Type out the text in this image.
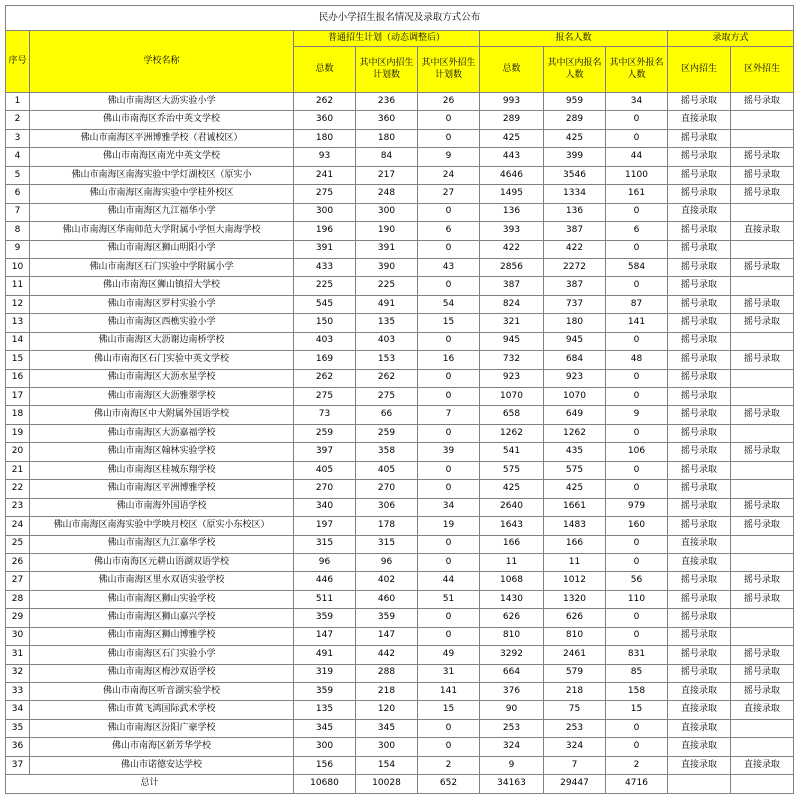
民办小学招生报名情况及录取方式公布									
序号	学校名称	普通招生计划（动态调整后）			报名人数			录取方式	
		总数	其中区内招生计划数	其中区外招生计划数	总数	其中区内报名人数	其中区外报名人数	区内招生	区外招生
1	佛山市南海区大沥实验小学	262	236	26	993	959	34	摇号录取	摇号录取
2	佛山市南海区乔治中英文学校	360	360	0	289	289	0	直接录取	
3	佛山市南海区平洲博雅学校（君诚校区）	180	180	0	425	425	0	摇号录取	
4	佛山市南海区南光中英文学校	93	84	9	443	399	44	摇号录取	摇号录取
5	佛山市南海区南海实验中学灯湖校区（原实小	241	217	24	4646	3546	1100	摇号录取	摇号录取
6	佛山市南海区南海实验中学桂外校区	275	248	27	1495	1334	161	摇号录取	摇号录取
7	佛山市南海区九江福华小学	300	300	0	136	136	0	直接录取	
8	佛山市南海区华南师范大学附属小学恒大南海学校	196	190	6	393	387	6	摇号录取	直接录取
9	佛山市南海区狮山明阳小学	391	391	0	422	422	0	摇号录取	
10	佛山市南海区石门实验中学附属小学	433	390	43	2856	2272	584	摇号录取	摇号录取
11	佛山市南海区狮山镇招大学校	225	225	0	387	387	0	摇号录取	
12	佛山市南海区罗村实验小学	545	491	54	824	737	87	摇号录取	摇号录取
13	佛山市南海区西樵实验小学	150	135	15	321	180	141	摇号录取	摇号录取
14	佛山市南海区大沥谢边南桥学校	403	403	0	945	945	0	摇号录取	
15	佛山市南海区石门实验中英文学校	169	153	16	732	684	48	摇号录取	摇号录取
16	佛山市南海区大沥水星学校	262	262	0	923	923	0	摇号录取	
17	佛山市南海区大沥雅翠学校	275	275	0	1070	1070	0	摇号录取	
18	佛山市南海区中大附属外国语学校	73	66	7	658	649	9	摇号录取	摇号录取
19	佛山市南海区大沥嘉福学校	259	259	0	1262	1262	0	摇号录取	
20	佛山市南海区翰林实验学校	397	358	39	541	435	106	摇号录取	摇号录取
21	佛山市南海区桂城东翔学校	405	405	0	575	575	0	摇号录取	
22	佛山市南海区平洲博雅学校	270	270	0	425	425	0	摇号录取	
23	佛山市南海外国语学校	340	306	34	2640	1661	979	摇号录取	摇号录取
24	佛山市南海区南海实验中学映月校区（原实小东校区）	197	178	19	1643	1483	160	摇号录取	摇号录取
25	佛山市南海区九江嘉华学校	315	315	0	166	166	0	直接录取	
26	佛山市南海区元耕山语湖双语学校	96	96	0	11	11	0	直接录取	
27	佛山市南海区里水双语实验学校	446	402	44	1068	1012	56	摇号录取	摇号录取
28	佛山市南海区狮山实验学校	511	460	51	1430	1320	110	摇号录取	摇号录取
29	佛山市南海区狮山嘉兴学校	359	359	0	626	626	0	摇号录取	
30	佛山市南海区狮山博雅学校	147	147	0	810	810	0	摇号录取	
31	佛山市南海区石门实验小学	491	442	49	3292	2461	831	摇号录取	摇号录取
32	佛山市南海区梅沙双语学校	319	288	31	664	579	85	摇号录取	摇号录取
33	佛山市南海区听音湖实验学校	359	218	141	376	218	158	直接录取	摇号录取
34	佛山市黄飞鸿国际武术学校	135	120	15	90	75	15	直接录取	直接录取
35	佛山市南海区汾阳广豪学校	345	345	0	253	253	0	直接录取	
36	佛山市南海区新芳华学校	300	300	0	324	324	0	直接录取	
37	佛山市诺德安达学校	156	154	2	9	7	2	直接录取	直接录取
总计		10680	10028	652	34163	29447	4716		
